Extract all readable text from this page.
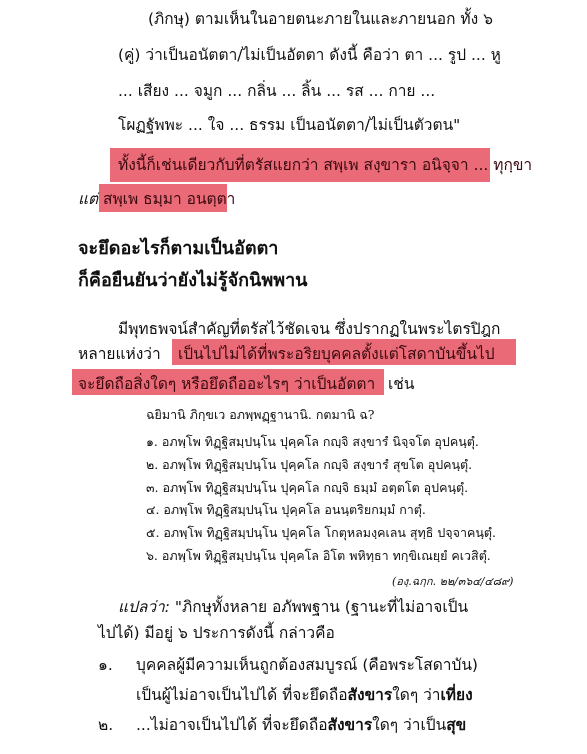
(ภิกษุ) ตามเห็นในอายตนะภายในและภายนอก ทั้ง ๖
(คู่) ว่าเป็นอนัตตา/ไม่เป็นอัตตา ดังนี้ คือว่า ตา ... รูป ... หู
... เสียง ... จมูก ... กลิ่น ... ลิ้น ... รส ... กาย ...
โผฏฐัพพะ ... ใจ ... ธรรม เป็นอนัตตา/ไม่เป็นตัวตน"
ทั้งนี้ก็เช่นเดียวกับที่ตรัสแยกว่า สพฺเพ สงฺขารา อนิจฺจา ... ทุกฺขา
แต่ สพฺเพ ธมฺมา อนตฺตา
จะยึดอะไรก็ตามเป็นอัตตา
ก็คือยืนยันว่ายังไม่รู้จักนิพพาน
มีพุทธพจน์สำคัญที่ตรัสไว้ชัดเจน ซึ่งปรากฏในพระไตรปิฎก
หลายแห่งว่า เป็นไปไม่ได้ที่พระอริยบุคคลตั้งแต่โสดาบันขึ้นไป
จะยึดถือสิ่งใดๆ หรือยึดถืออะไรๆ ว่าเป็นอัตตา เช่น
ฉยิมานิ ภิกฺขเว อภพฺพฏฺฐานานิ. กตมานิ ฉ?
๑. อภพฺโพ ทิฏฺฐิสมฺปนฺโน ปุคฺคโล กญฺจิ สงฺขารํ นิจฺจโต อุปคนฺตุํ.
๒. อภพฺโพ ทิฏฺฐิสมฺปนฺโน ปุคฺคโล กญฺจิ สงฺขารํ สุขโต อุปคนฺตุํ.
๓. อภพฺโพ ทิฏฺฐิสมฺปนฺโน ปุคฺคโล กญฺจิ ธมฺมํ อตฺตโต อุปคนฺตุํ.
๔. อภพฺโพ ทิฏฺฐิสมฺปนฺโน ปุคฺคโล อนนฺตริยกมฺมํ กาตุํ.
๕. อภพฺโพ ทิฏฺฐิสมฺปนฺโน ปุคฺคโล โกตุหลมงฺคเลน สุทฺธิ ปจฺจาคนฺตุํ.
๖. อภพฺโพ ทิฏฺฐิสมฺปนฺโน ปุคฺคโล อิโต พหิทฺธา ทกฺขิเณยฺยํ คเวสิตุํ.
(องฺ.ฉกฺก. ๒๒/๓๖๔/๔๘๙)
แปลว่า: "ภิกษุทั้งหลาย อภัพพฐาน (ฐานะที่ไม่อาจเป็น
ไปได้) มีอยู่ ๖ ประการดังนี้ กล่าวคือ
๑. บุคคลผู้มีความเห็นถูกต้องสมบูรณ์ (คือพระโสดาบัน)
เป็นผู้ไม่อาจเป็นไปได้ ที่จะยึดถือสังขารใดๆ ว่าเที่ยง
๒. ...ไม่อาจเป็นไปได้ ที่จะยึดถือสังขารใดๆ ว่าเป็นสุข
